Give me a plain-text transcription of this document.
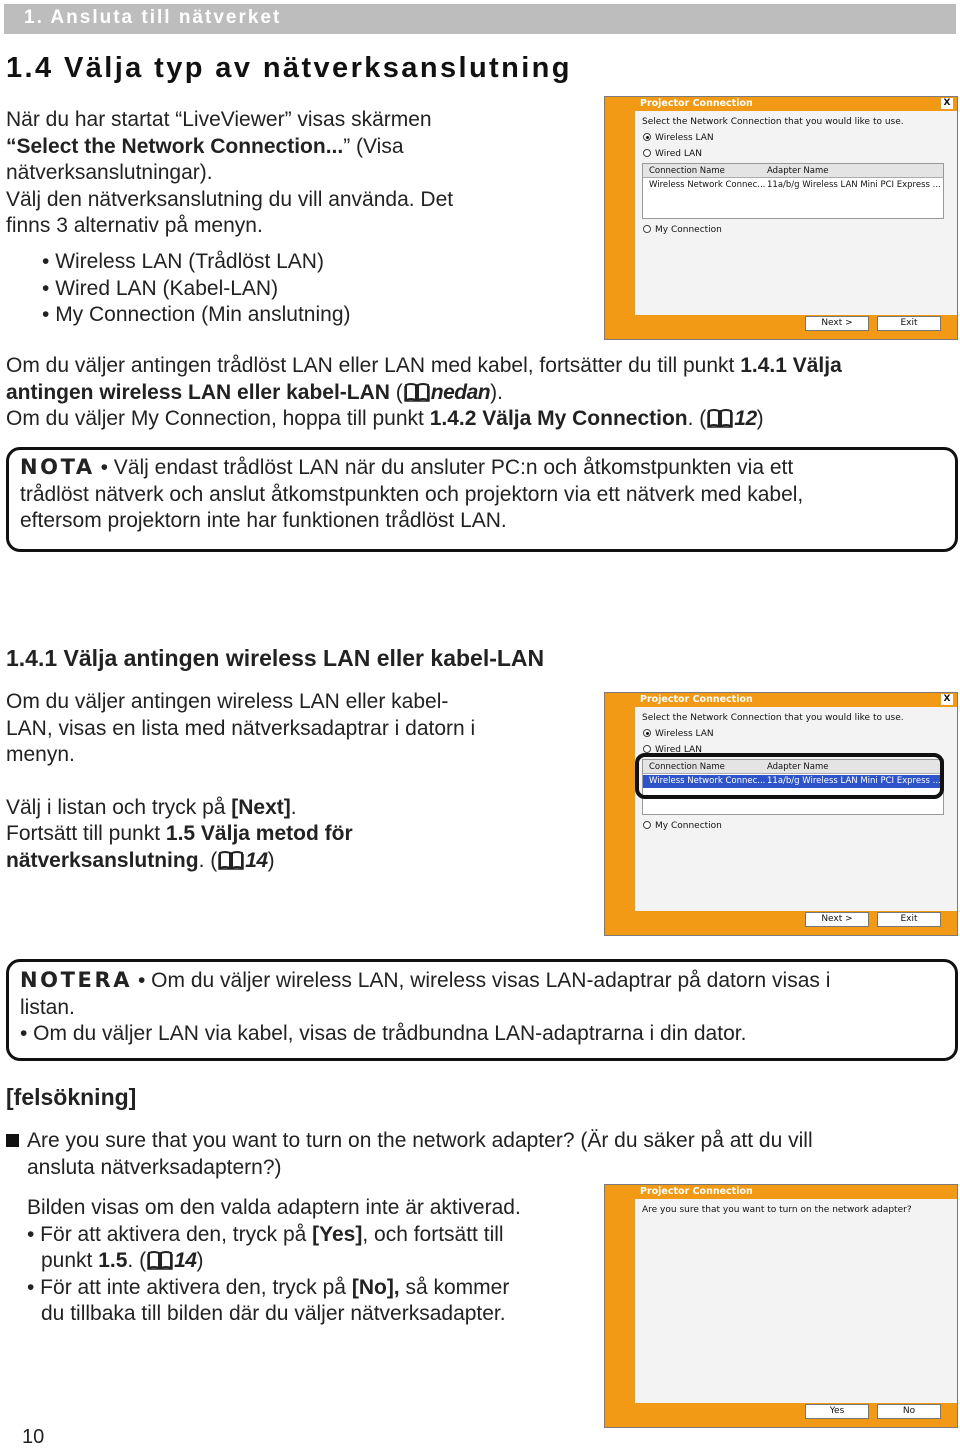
1. Ansluta till nätverket
1.4 Välja typ av nätverksanslutning
När du har startat “LiveViewer” visas skärmen
“Select the Network Connection...” (Visa
nätverksanslutningar).
Välj den nätverksanslutning du vill använda. Det
finns 3 alternativ på menyn.
• Wireless LAN (Trådlöst LAN)
• Wired LAN (Kabel-LAN)
• My Connection (Min anslutning)
Projector Connection	X
Select the Network Connection that you would like to use.
Wireless LAN
Wired LAN
Connection Name	Adapter Name
Wireless Network Connec... 11a/b/g Wireless LAN Mini PCI Express ...
My Connection
Next >	Exit
Om du väljer antingen trådlöst LAN eller LAN med kabel, fortsätter du till punkt 1.4.1 Välja
antingen wireless LAN eller kabel-LAN ( nedan).
Om du väljer My Connection, hoppa till punkt 1.4.2 Välja My Connection. ( 12)
NOTA • Välj endast trådlöst LAN när du ansluter PC:n och åtkomstpunkten via ett
trådlöst nätverk och anslut åtkomstpunkten och projektorn via ett nätverk med kabel,
eftersom projektorn inte har funktionen trådlöst LAN.
1.4.1 Välja antingen wireless LAN eller kabel-LAN
Om du väljer antingen wireless LAN eller kabel-
LAN, visas en lista med nätverksadaptrar i datorn i
menyn.
Välj i listan och tryck på [Next].
Fortsätt till punkt 1.5 Välja metod för
nätverksanslutning. ( 14)
Projector Connection	X
Select the Network Connection that you would like to use.
Wireless LAN
Wired LAN
Connection Name	Adapter Name
Wireless Network Connec... 11a/b/g Wireless LAN Mini PCI Express ...
My Connection
Next >	Exit
NOTERA • Om du väljer wireless LAN, wireless visas LAN-adaptrar på datorn visas i
listan.
• Om du väljer LAN via kabel, visas de trådbundna LAN-adaptrarna i din dator.
[felsökning]
Are you sure that you want to turn on the network adapter? (Är du säker på att du vill
ansluta nätverksadaptern?)
Bilden visas om den valda adaptern inte är aktiverad.
• För att aktivera den, tryck på [Yes], och fortsätt till
punkt 1.5. ( 14)
• För att inte aktivera den, tryck på [No], så kommer
du tillbaka till bilden där du väljer nätverksadapter.
Projector Connection
Are you sure that you want to turn on the network adapter?
Yes	No
10
